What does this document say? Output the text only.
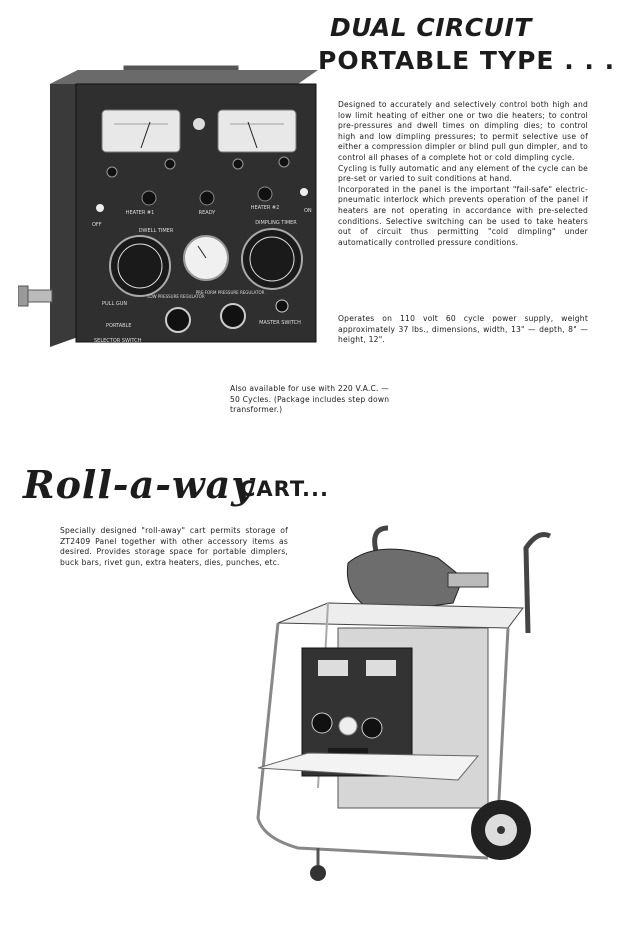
DUAL CIRCUIT
PORTABLE TYPE . . .
HEATER #1	READY
HEATER #2
DWELL TIMER
DIMPLING TIMER
LOW PRESSURE REGULATOR
PRE-FORM PRESSURE REGULATOR
PULL GUN
PORTABLE
SELECTOR SWITCH
MASTER SWITCH
OFF
ON

Designed to accurately and selectively control both high and low limit heating of either one or two die heaters; to control pre-pressures and dwell times on dimpling dies; to control high and low dimpling pressures; to permit selective use of either a compression dimpler or blind pull gun dimpler, and to control all phases of a complete hot or cold dimpling cycle.

Cycling is fully automatic and any element of the cycle can be pre-set or varied to suit conditions at hand.

Incorporated in the panel is the important "fail-safe" electric-pneumatic interlock which prevents operation of the panel if heaters are not operating in accordance with pre-selected conditions. Selective switching can be used to take heaters out of circuit thus permitting "cold dimpling" under automatically controlled pressure conditions.

Operates on 110 volt 60 cycle power supply, weight approximately 37 lbs., dimensions, width, 13" — depth, 8" — height, 12".
Also available for use with 220 V.A.C. — 50 Cycles. (Package includes step down transformer.)
Roll-a-way
CART...
Specially designed "roll-away" cart permits storage of ZT2409 Panel together with other accessory items as desired. Provides storage space for portable dimplers, buck bars, rivet gun, extra heaters, dies, punches, etc.
